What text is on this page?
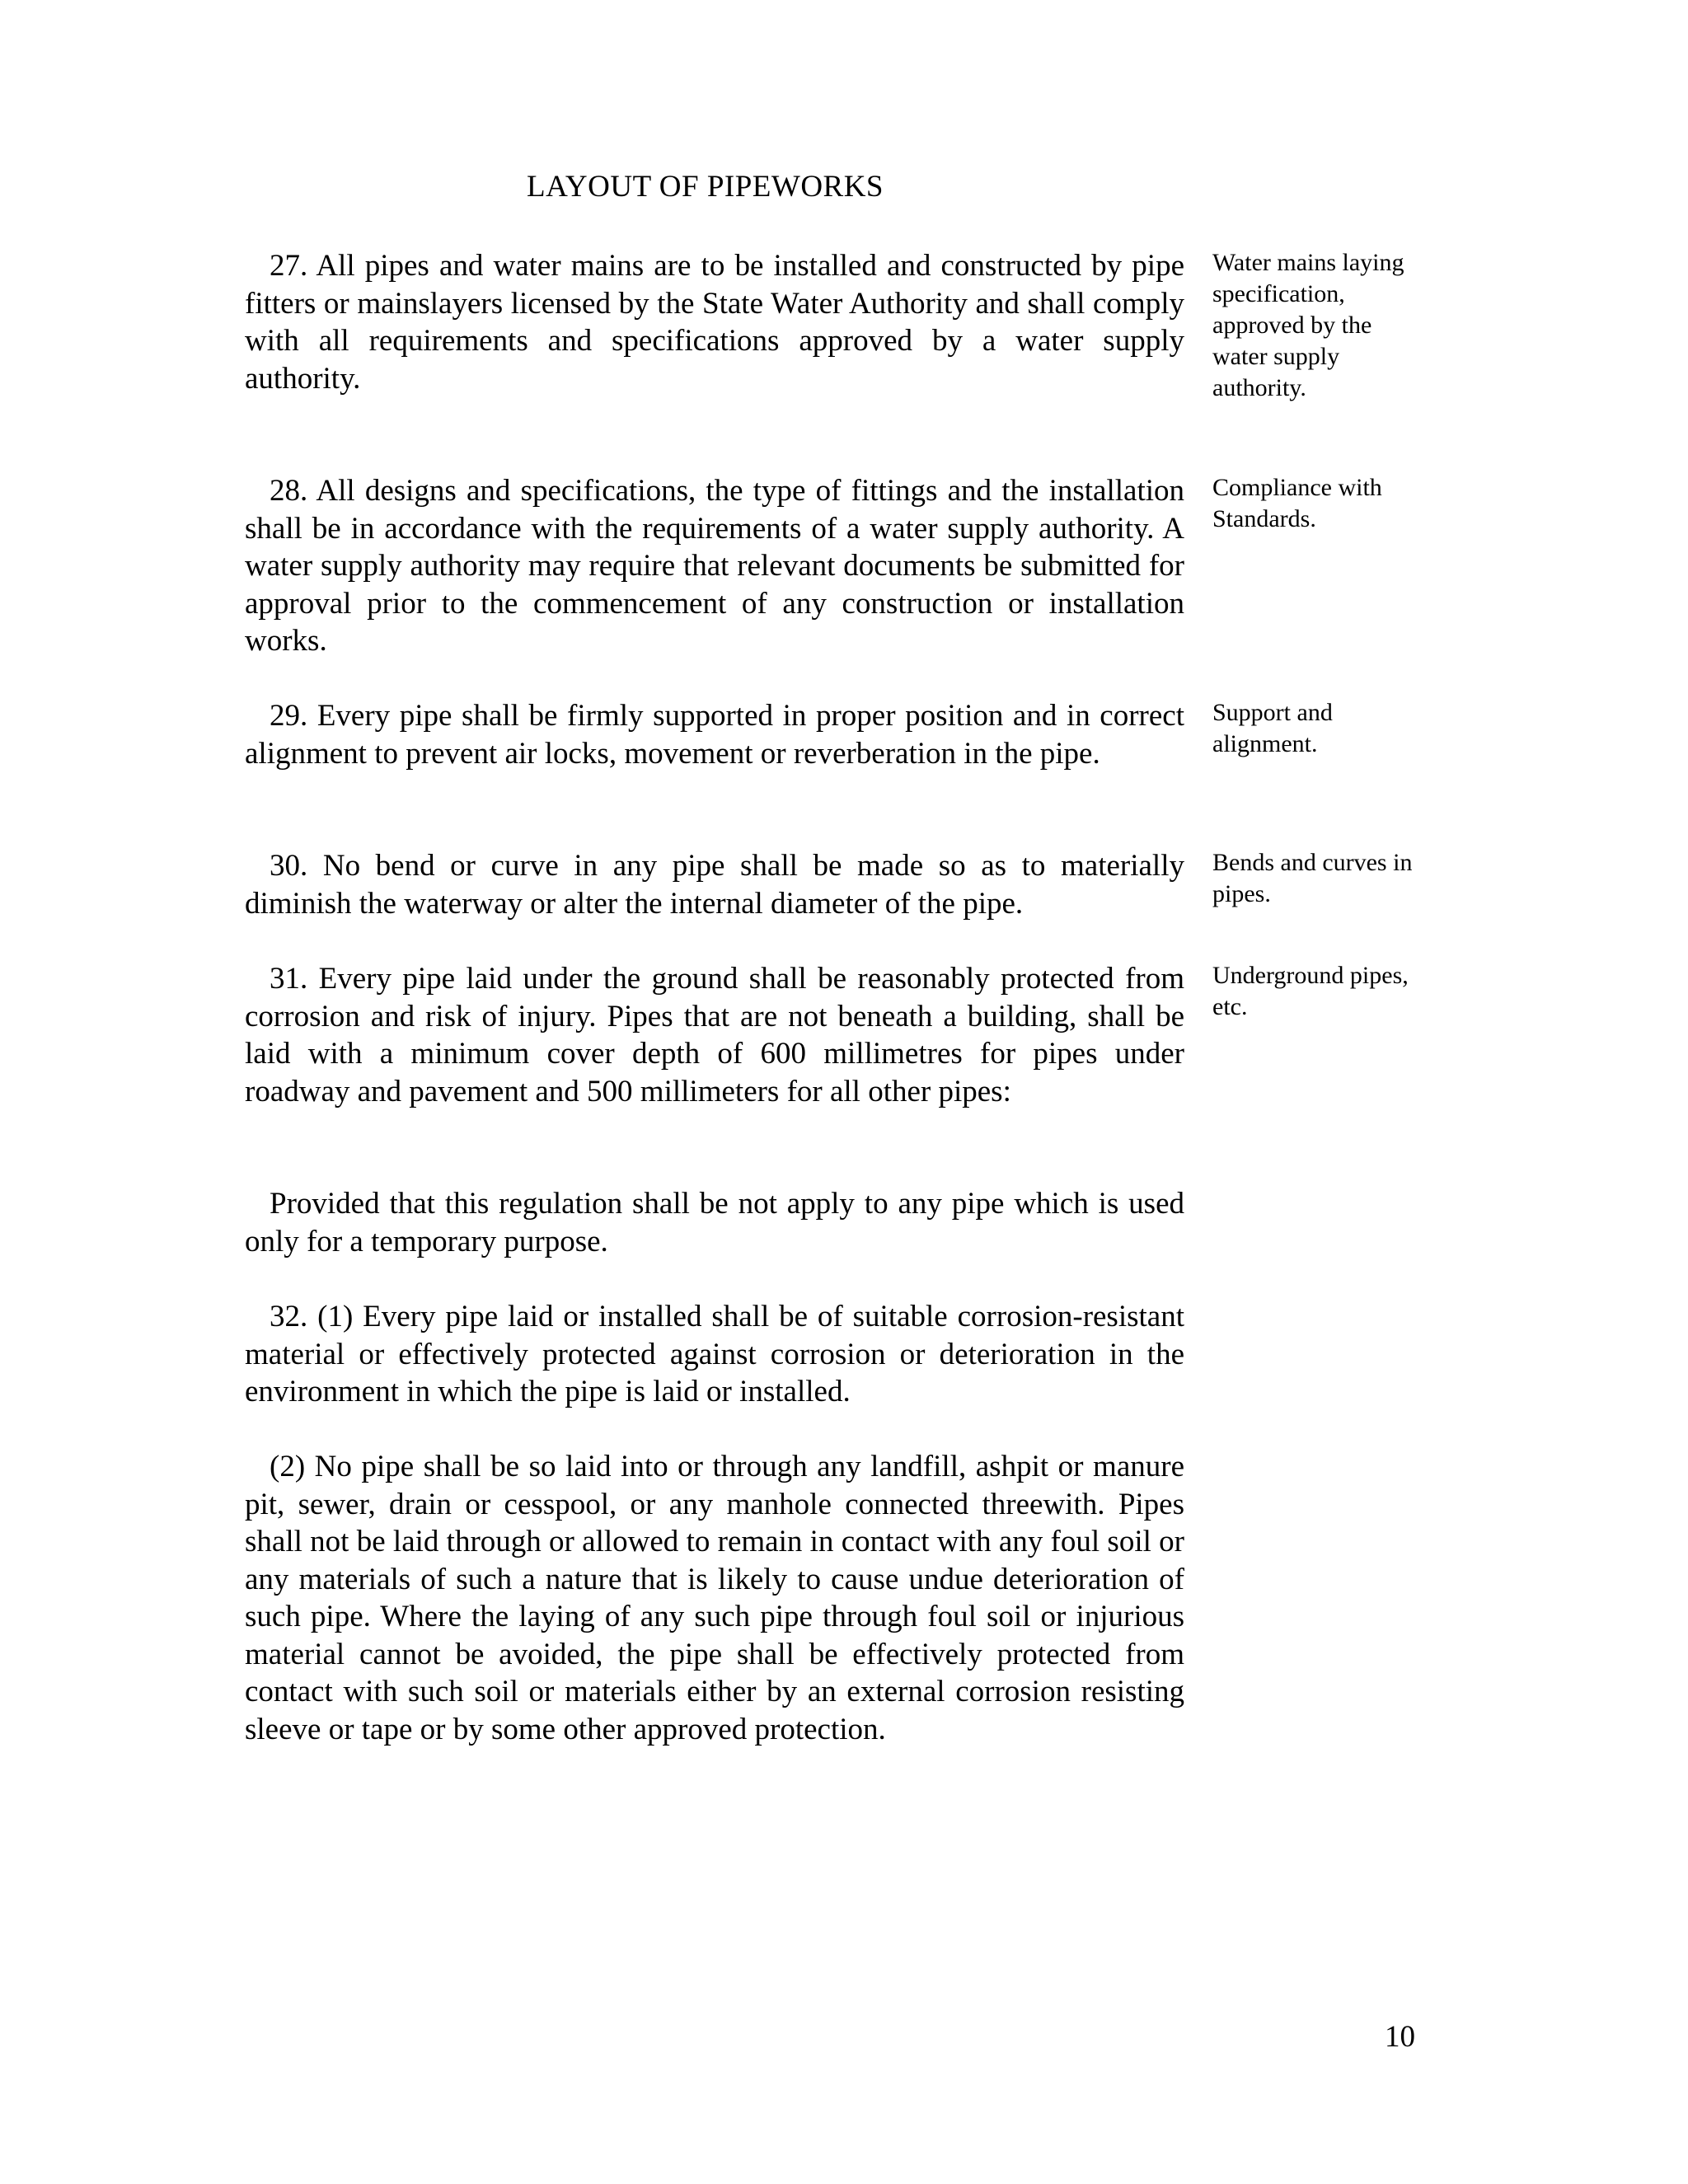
LAYOUT OF PIPEWORKS

27. All pipes and water mains are to be installed and constructed by pipe fitters or mainslayers licensed by the State Water Authority and shall comply with all requirements and specifications approved by a water supply authority.

28. All designs and specifications, the type of fittings and the installation shall be in accordance with the requirements of a water supply authority. A water supply authority may require that relevant documents be submitted for approval prior to the commencement of any construction or installation works.

29. Every pipe shall be firmly supported in proper position and in correct alignment to prevent air locks, movement or reverberation in the pipe.

30. No bend or curve in any pipe shall be made so as to materially diminish the waterway or alter the internal diameter of the pipe.

31. Every pipe laid under the ground shall be reasonably protected from corrosion and risk of injury. Pipes that are not beneath a building, shall be laid with a minimum cover depth of 600 millimetres for pipes under roadway and pavement and 500 millimeters for all other pipes:

Provided that this regulation shall be not apply to any pipe which is used only for a temporary purpose.

32. (1) Every pipe laid or installed shall be of suitable corrosion-resistant material or effectively protected against corrosion or deterioration in the environment in which the pipe is laid or installed.

(2) No pipe shall be so laid into or through any landfill, ashpit or manure pit, sewer, drain or cesspool, or any manhole connected threewith. Pipes shall not be laid through or allowed to remain in contact with any foul soil or any materials of such a nature that is likely to cause undue deterioration of such pipe. Where the laying of any such pipe through foul soil or injurious material cannot be avoided, the pipe shall be effectively protected from contact with such soil or materials either by an external corrosion resisting sleeve or tape or by some other approved protection.

Water mains laying specification, approved by the water supply authority.

Compliance with Standards.

Support and alignment.

Bends and curves in pipes.

Underground pipes, etc.

10
